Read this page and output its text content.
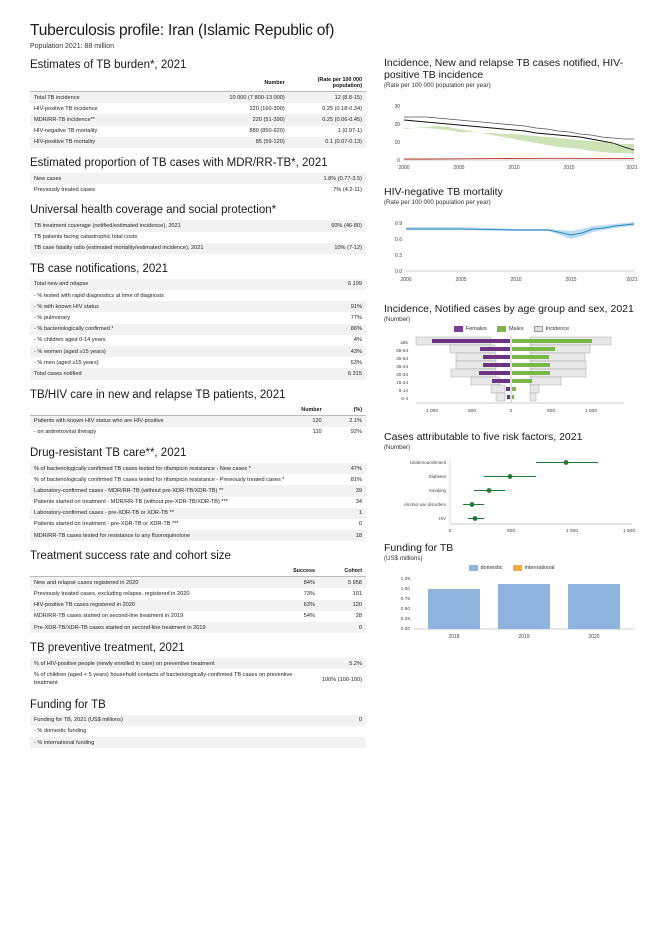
Tuberculosis profile: Iran (Islamic Republic of)
Population 2021: 88 million
Estimates of TB burden*, 2021
	Number	(Rate per 100 000 population)
Total TB incidence	10 000 (7 800-13 000)	12 (8.8-15)
HIV-positive TB incidence	220 (160-300)	0.25 (0.18-0.34)
MDR/RR-TB incidence**	220 (51-390)	0.25 (0.06-0.45)
HIV-negative TB mortality	880 (850-920)	1 (0.97-1)
HIV-positive TB mortality	85 (59-120)	0.1 (0.07-0.13)
Estimated proportion of TB cases with MDR/RR-TB*, 2021
New cases	1.8% (0.77-3.5)
Previously treated cases	7% (4.2-11)
Universal health coverage and social protection*
TB treatment coverage (notified/estimated incidence), 2021	60% (46-80)
TB patients facing catastrophic total costs	
TB case fatality ratio (estimated mortality/estimated incidence), 2021	10% (7-12)
TB case notifications, 2021
Total new and relapse	6 199
- % tested with rapid diagnostics at time of diagnosis	
- % with known HIV status	91%
- % pulmonary	77%
- % bacteriologically confirmed *	86%
- % children aged 0-14 years	4%
- % women (aged ≥15 years)	43%
- % men (aged ≥15 years)	53%
Total cases notified	6 315
TB/HIV care in new and relapse TB patients, 2021
	Number	(%)
Patients with known HIV status who are HIV-positive	120	2.1%
- on antiretroviral therapy	110	92%
Drug-resistant TB care**, 2021
% of bacteriologically confirmed TB cases tested for rifampicin resistance - New cases *	47%
% of bacteriologically confirmed TB cases tested for rifampicin resistance - Previously treated cases *	81%
Laboratory-confirmed cases - MDR/RR-TB (without pre-XDR-TB/XDR-TB) **	39
Patients started on treatment - MDR/RR-TB (without pre-XDR-TB/XDR-TB) ***	34
Laboratory-confirmed cases - pre-XDR-TB or XDR-TB **	1
Patients started on treatment - pre-XDR-TB or XDR-TB ***	0
MDR/RR-TB cases tested for resistance to any fluoroquinolone	18
Treatment success rate and cohort size
	Success	Cohort
New and relapse cases registered in 2020	84%	5 958
Previously treated cases, excluding relapse, registered in 2020	73%	101
HIV-positive TB cases registered in 2020	63%	120
MDR/RR-TB cases started on second-line treatment in 2019	54%	28
Pre-XDR-TB/XDR-TB cases started on second-line treatment in 2019		0
TB preventive treatment, 2021
% of HIV-positive people (newly enrolled in care) on preventive treatment	5.2%
% of children (aged < 5 years) household contacts of bacteriologically-confirmed TB cases on preventive treatment	100% (100-100)
Funding for TB
Funding for TB, 2021 (US$ millions)	0
- % domestic funding	
- % international funding	
Incidence, New and relapse TB cases notified, HIV-positive TB incidence
(Rate per 100 000 population per year)
30
20
10
0
2000	2005	2010	2015	2021
HIV-negative TB mortality
(Rate per 100 000 population per year)
0.9
0.6
0.3
0.0
2000	2005	2010	2015	2021
Incidence, Notified cases by age group and sex, 2021
(Number)
Females	Males	Incidence
≥65
55-64
45-54
35-44
25-34
15-24
5-14
0-4
1 000	500	0	500	1 000
Cases attributable to five risk factors, 2021
(Number)
Undernourishment
Diabetes
Smoking
Alcohol use disorders
HIV
0	500	1 000	1 500
Funding for TB
(US$ millions)
domestic	international
1.25
1.00
0.75
0.50
0.25
0.00
2018	2019	2020
